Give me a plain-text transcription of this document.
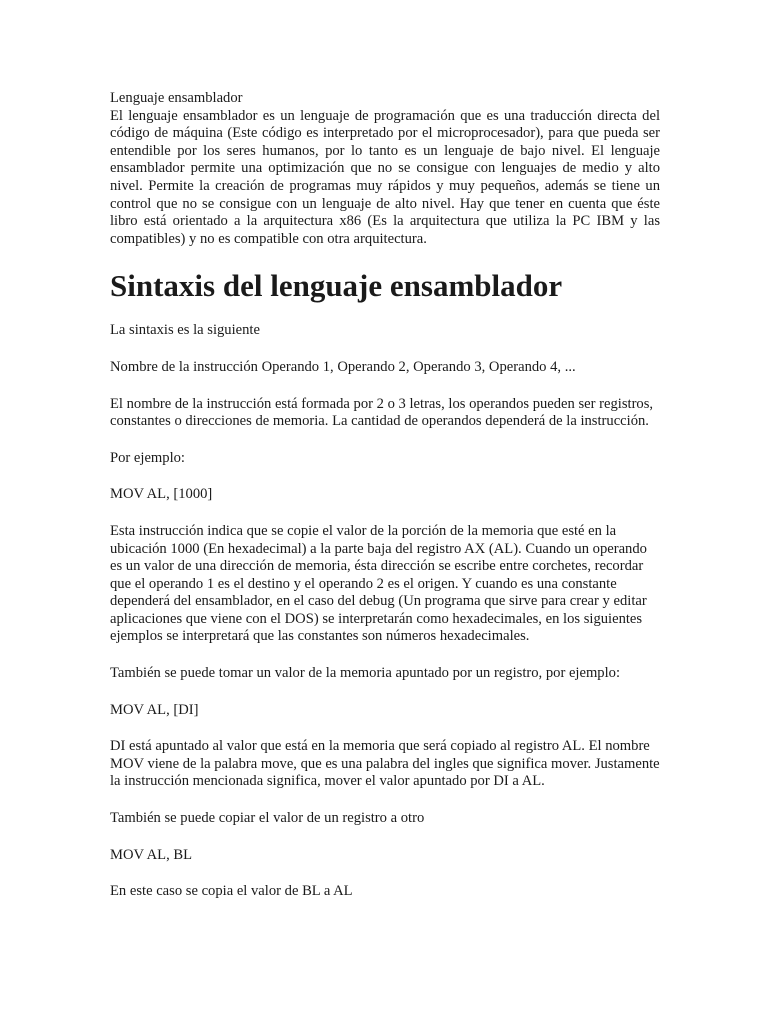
Lenguaje ensamblador

El lenguaje ensamblador es un lenguaje de programación que es una traducción directa del código de máquina (Este código es interpretado por el microprocesador), para que pueda ser entendible por los seres humanos, por lo tanto es un lenguaje de bajo nivel. El lenguaje ensamblador permite una optimización que no se consigue con lenguajes de medio y alto nivel. Permite la creación de programas muy rápidos y muy pequeños, además se tiene un control que no se consigue con un lenguaje de alto nivel. Hay que tener en cuenta que éste libro está orientado a la arquitectura x86 (Es la arquitectura que utiliza la PC IBM y las compatibles) y no es compatible con otra arquitectura.

Sintaxis del lenguaje ensamblador

La sintaxis es la siguiente

Nombre de la instrucción Operando 1, Operando 2, Operando 3, Operando 4, ...

El nombre de la instrucción está formada por 2 o 3 letras, los operandos pueden ser registros, constantes o direcciones de memoria. La cantidad de operandos dependerá de la instrucción.

Por ejemplo:

MOV AL, [1000]

Esta instrucción indica que se copie el valor de la porción de la memoria que esté en la ubicación 1000 (En hexadecimal) a la parte baja del registro AX (AL). Cuando un operando es un valor de una dirección de memoria, ésta dirección se escribe entre corchetes, recordar que el operando 1 es el destino y el operando 2 es el origen. Y cuando es una constante dependerá del ensamblador, en el caso del debug (Un programa que sirve para crear y editar aplicaciones que viene con el DOS) se interpretarán como hexadecimales, en los siguientes ejemplos se interpretará que las constantes son números hexadecimales.

También se puede tomar un valor de la memoria apuntado por un registro, por ejemplo:

MOV AL, [DI]

DI está apuntado al valor que está en la memoria que será copiado al registro AL. El nombre MOV viene de la palabra move, que es una palabra del ingles que significa mover. Justamente la instrucción mencionada significa, mover el valor apuntado por DI a AL.

También se puede copiar el valor de un registro a otro

MOV AL, BL

En este caso se copia el valor de BL a AL
